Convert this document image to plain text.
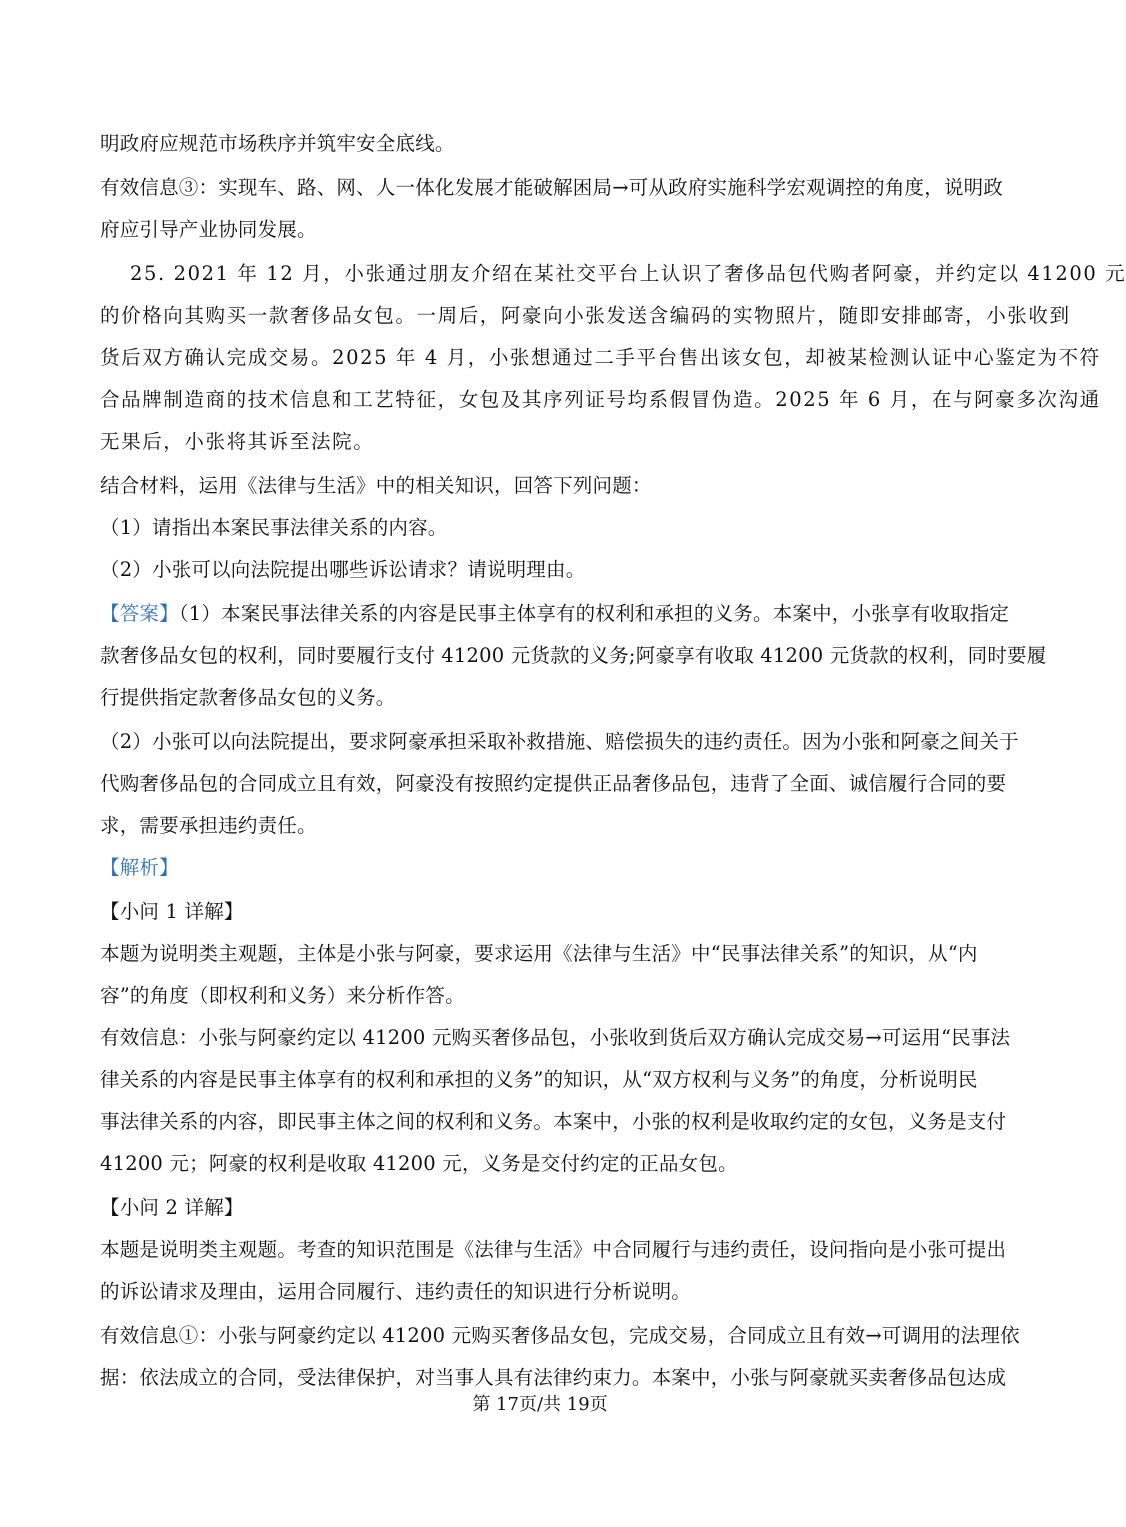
明政府应规范市场秩序并筑牢安全底线。
有效信息③：实现车、路、网、人一体化发展才能破解困局→可从政府实施科学宏观调控的角度，说明政
府应引导产业协同发展。
25. 2021 年 12 月，小张通过朋友介绍在某社交平台上认识了奢侈品包代购者阿豪，并约定以 41200 元
的价格向其购买一款奢侈品女包。一周后，阿豪向小张发送含编码的实物照片，随即安排邮寄，小张收到
货后双方确认完成交易。2025 年 4 月，小张想通过二手平台售出该女包，却被某检测认证中心鉴定为不符
合品牌制造商的技术信息和工艺特征，女包及其序列证号均系假冒伪造。2025 年 6 月，在与阿豪多次沟通
无果后，小张将其诉至法院。
结合材料，运用《法律与生活》中的相关知识，回答下列问题：
（1）请指出本案民事法律关系的内容。
（2）小张可以向法院提出哪些诉讼请求？请说明理由。
【答案】（1）本案民事法律关系的内容是民事主体享有的权利和承担的义务。本案中，小张享有收取指定
款奢侈品女包的权利，同时要履行支付 41200 元货款的义务;阿豪享有收取 41200 元货款的权利，同时要履
行提供指定款奢侈品女包的义务。
（2）小张可以向法院提出，要求阿豪承担采取补救措施、赔偿损失的违约责任。因为小张和阿豪之间关于
代购奢侈品包的合同成立且有效，阿豪没有按照约定提供正品奢侈品包，违背了全面、诚信履行合同的要
求，需要承担违约责任。
【解析】
【小问 1 详解】
本题为说明类主观题，主体是小张与阿豪，要求运用《法律与生活》中“民事法律关系”的知识，从“内
容”的角度（即权利和义务）来分析作答。
有效信息：小张与阿豪约定以 41200 元购买奢侈品包，小张收到货后双方确认完成交易→可运用“民事法
律关系的内容是民事主体享有的权利和承担的义务”的知识，从“双方权利与义务”的角度，分析说明民
事法律关系的内容，即民事主体之间的权利和义务。本案中，小张的权利是收取约定的女包，义务是支付
41200 元；阿豪的权利是收取 41200 元，义务是交付约定的正品女包。
【小问 2 详解】
本题是说明类主观题。考查的知识范围是《法律与生活》中合同履行与违约责任，设问指向是小张可提出
的诉讼请求及理由，运用合同履行、违约责任的知识进行分析说明。
有效信息①：小张与阿豪约定以 41200 元购买奢侈品女包，完成交易，合同成立且有效→可调用的法理依
据：依法成立的合同，受法律保护，对当事人具有法律约束力。本案中，小张与阿豪就买卖奢侈品包达成
第 17页/共 19页
